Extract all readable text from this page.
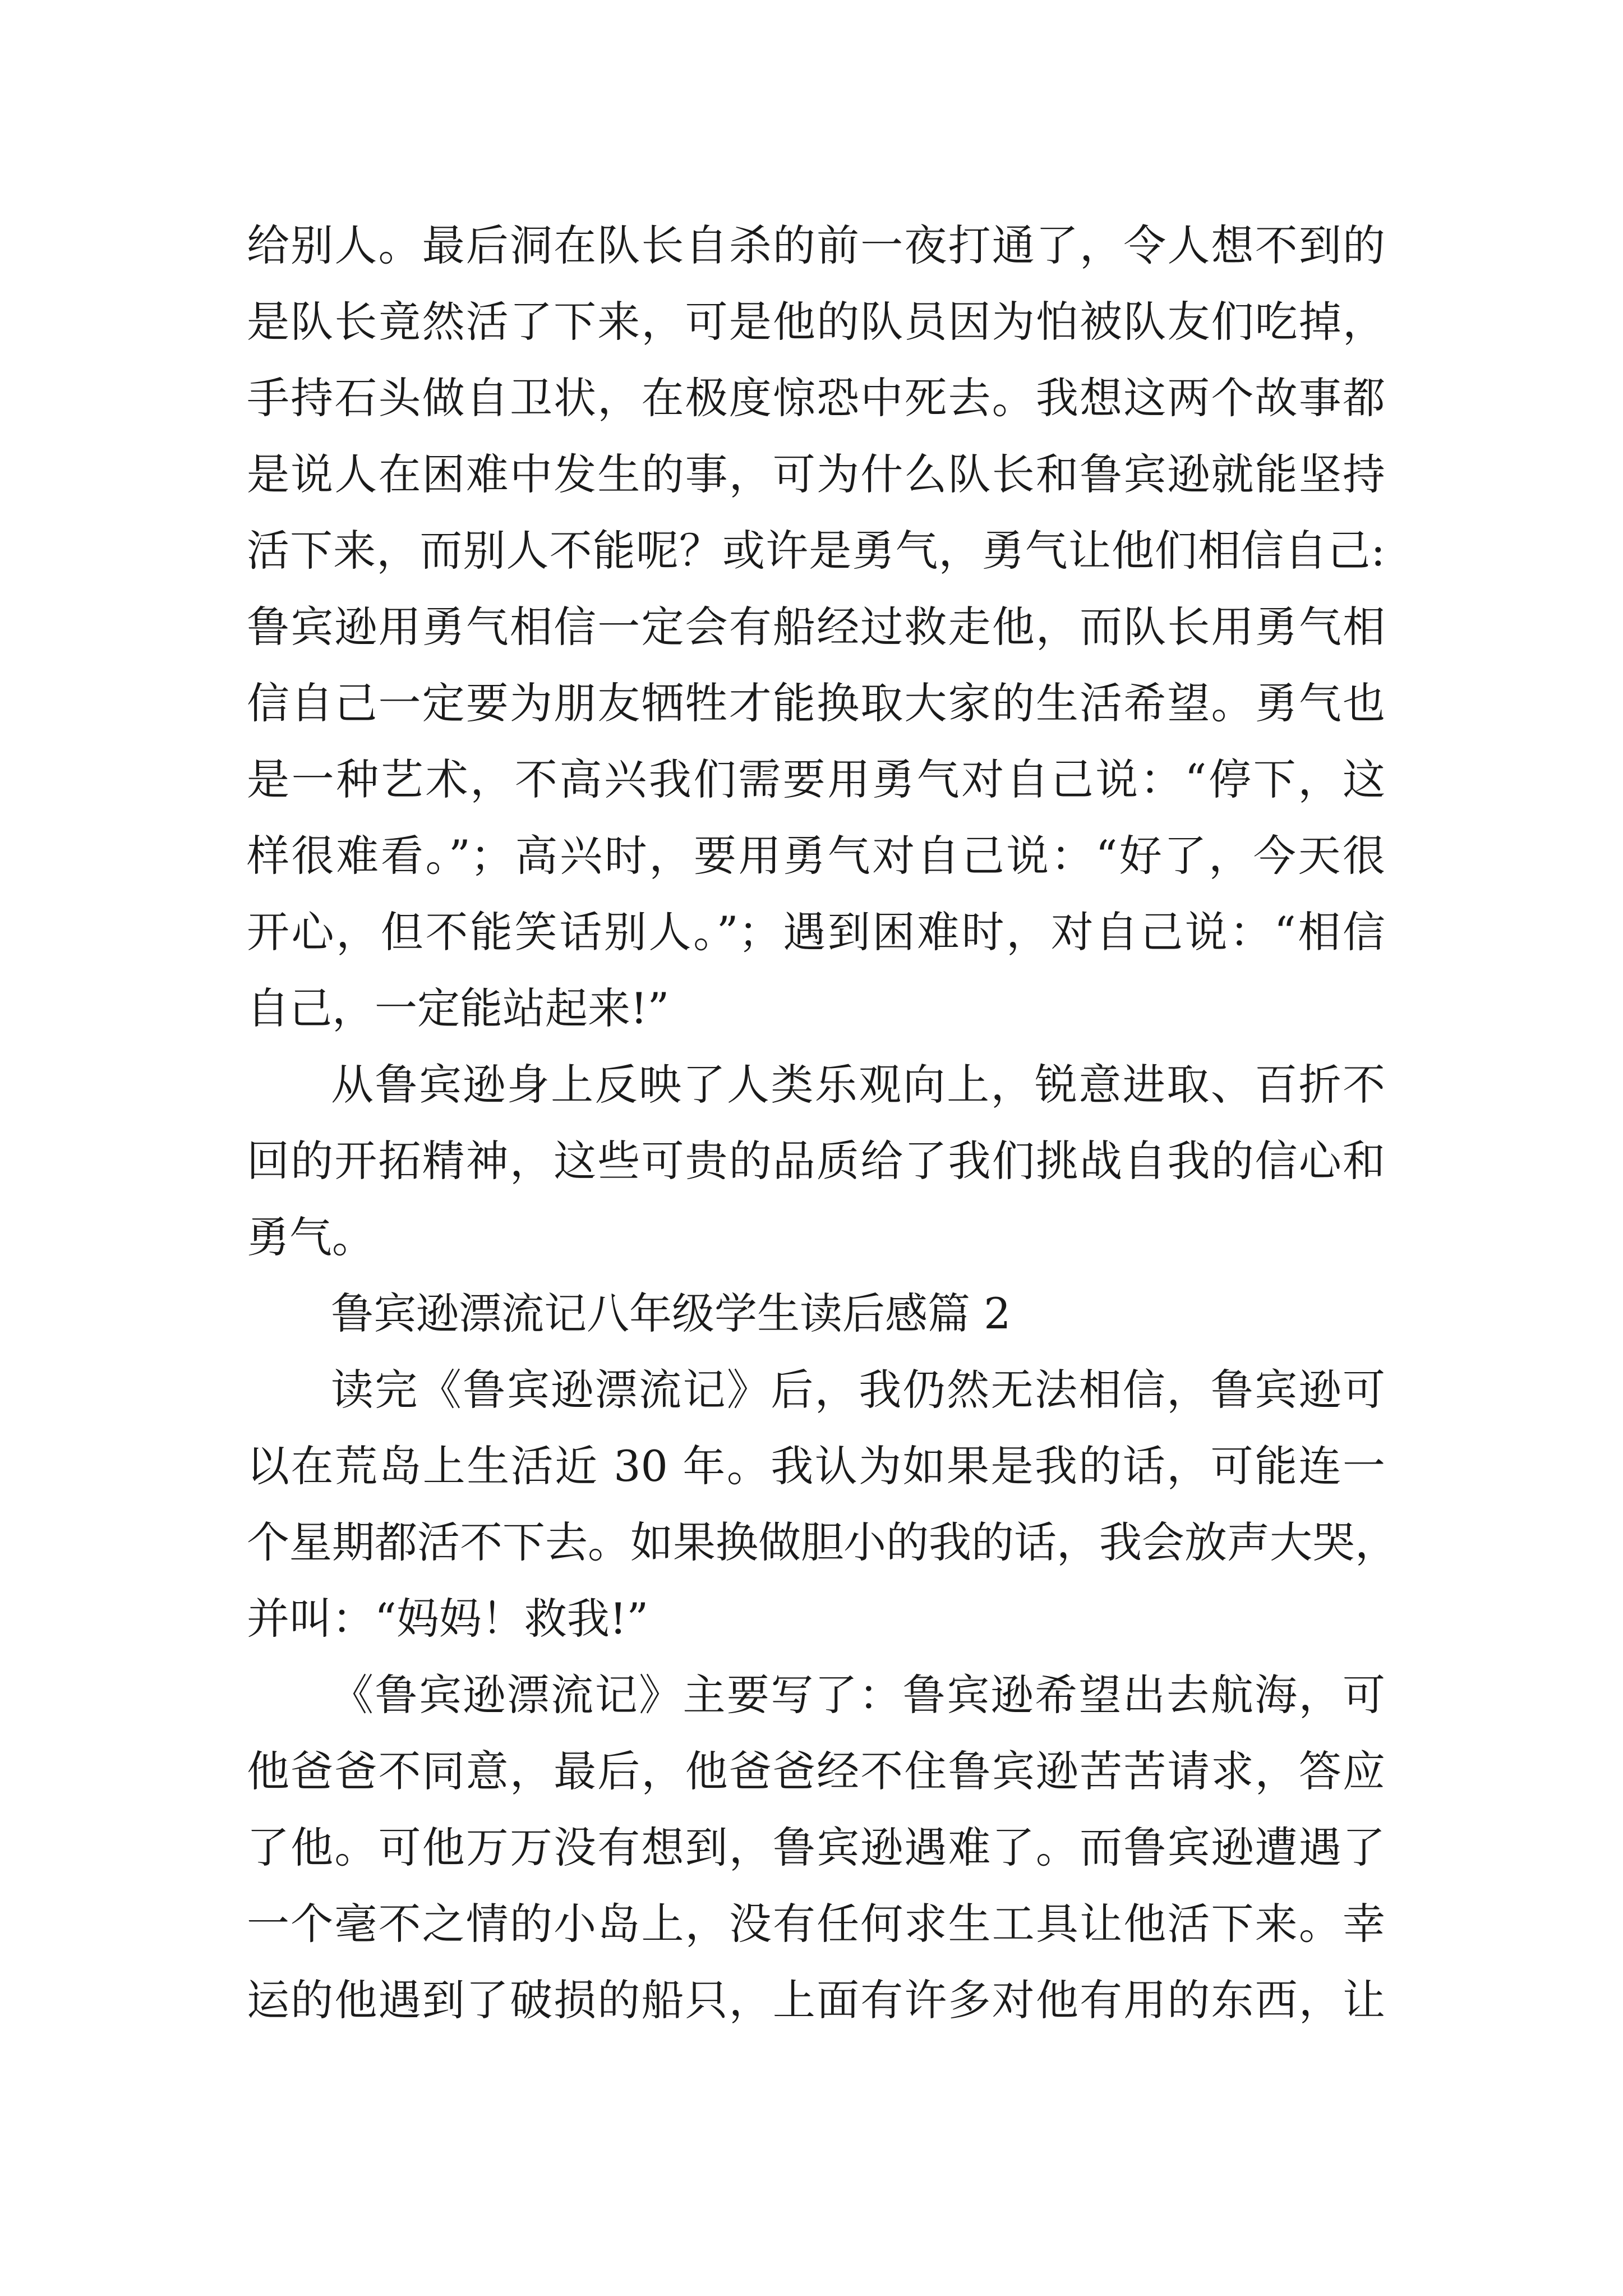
给别人。最后洞在队长自杀的前一夜打通了，令人想不到的
是队长竟然活了下来，可是他的队员因为怕被队友们吃掉，
手持石头做自卫状，在极度惊恐中死去。我想这两个故事都
是说人在困难中发生的事，可为什么队长和鲁宾逊就能坚持
活下来，而别人不能呢？或许是勇气，勇气让他们相信自己:
鲁宾逊用勇气相信一定会有船经过救走他，而队长用勇气相
信自己一定要为朋友牺牲才能换取大家的生活希望。勇气也
是一种艺术，不高兴我们需要用勇气对自己说：“停下，这
样很难看。”；高兴时，要用勇气对自己说：“好了，今天很
开心，但不能笑话别人。”；遇到困难时，对自己说：“相信
自己，一定能站起来!”
从鲁宾逊身上反映了人类乐观向上，锐意进取、百折不
回的开拓精神，这些可贵的品质给了我们挑战自我的信心和
勇气。
鲁宾逊漂流记八年级学生读后感篇 2
读完《鲁宾逊漂流记》后，我仍然无法相信，鲁宾逊可
以在荒岛上生活近 30 年。我认为如果是我的话，可能连一
个星期都活不下去。如果换做胆小的我的话，我会放声大哭，
并叫：“妈妈！救我!”
《鲁宾逊漂流记》主要写了：鲁宾逊希望出去航海，可
他爸爸不同意，最后，他爸爸经不住鲁宾逊苦苦请求，答应
了他。可他万万没有想到，鲁宾逊遇难了。而鲁宾逊遭遇了
一个毫不之情的小岛上，没有任何求生工具让他活下来。幸
运的他遇到了破损的船只，上面有许多对他有用的东西，让
